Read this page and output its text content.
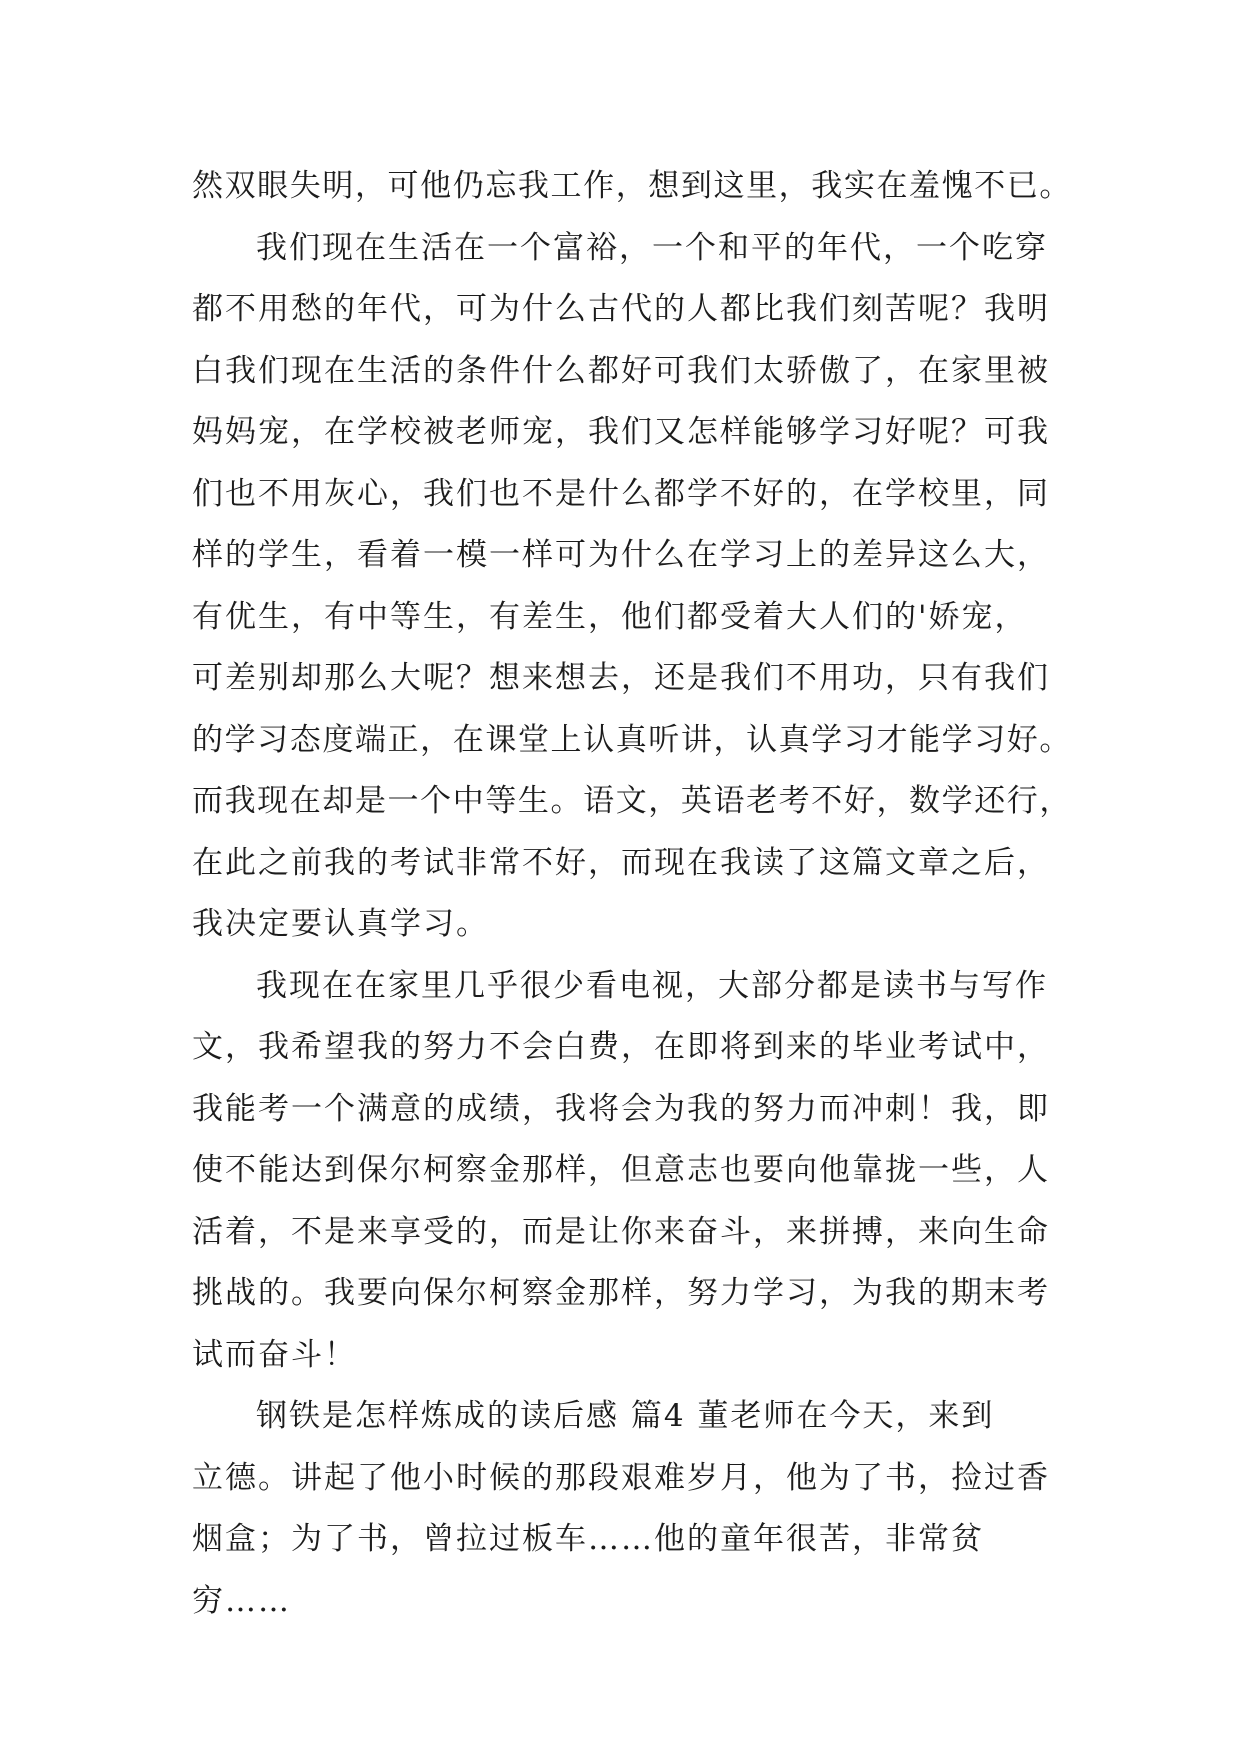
然双眼失明，可他仍忘我工作，想到这里，我实在羞愧不已。
我们现在生活在一个富裕，一个和平的年代，一个吃穿
都不用愁的年代，可为什么古代的人都比我们刻苦呢？我明
白我们现在生活的条件什么都好可我们太骄傲了，在家里被
妈妈宠，在学校被老师宠，我们又怎样能够学习好呢？可我
们也不用灰心，我们也不是什么都学不好的，在学校里，同
样的学生，看着一模一样可为什么在学习上的差异这么大，
有优生，有中等生，有差生，他们都受着大人们的'娇宠，
可差别却那么大呢？想来想去，还是我们不用功，只有我们
的学习态度端正，在课堂上认真听讲，认真学习才能学习好。
而我现在却是一个中等生。语文，英语老考不好，数学还行，
在此之前我的考试非常不好，而现在我读了这篇文章之后，
我决定要认真学习。
我现在在家里几乎很少看电视，大部分都是读书与写作
文，我希望我的努力不会白费，在即将到来的毕业考试中，
我能考一个满意的成绩，我将会为我的努力而冲刺！我，即
使不能达到保尔柯察金那样，但意志也要向他靠拢一些，人
活着，不是来享受的，而是让你来奋斗，来拼搏，来向生命
挑战的。我要向保尔柯察金那样，努力学习，为我的期末考
试而奋斗！
钢铁是怎样炼成的读后感 篇4 董老师在今天，来到
立德。讲起了他小时候的那段艰难岁月，他为了书，捡过香
烟盒；为了书，曾拉过板车……他的童年很苦，非常贫
穷……
